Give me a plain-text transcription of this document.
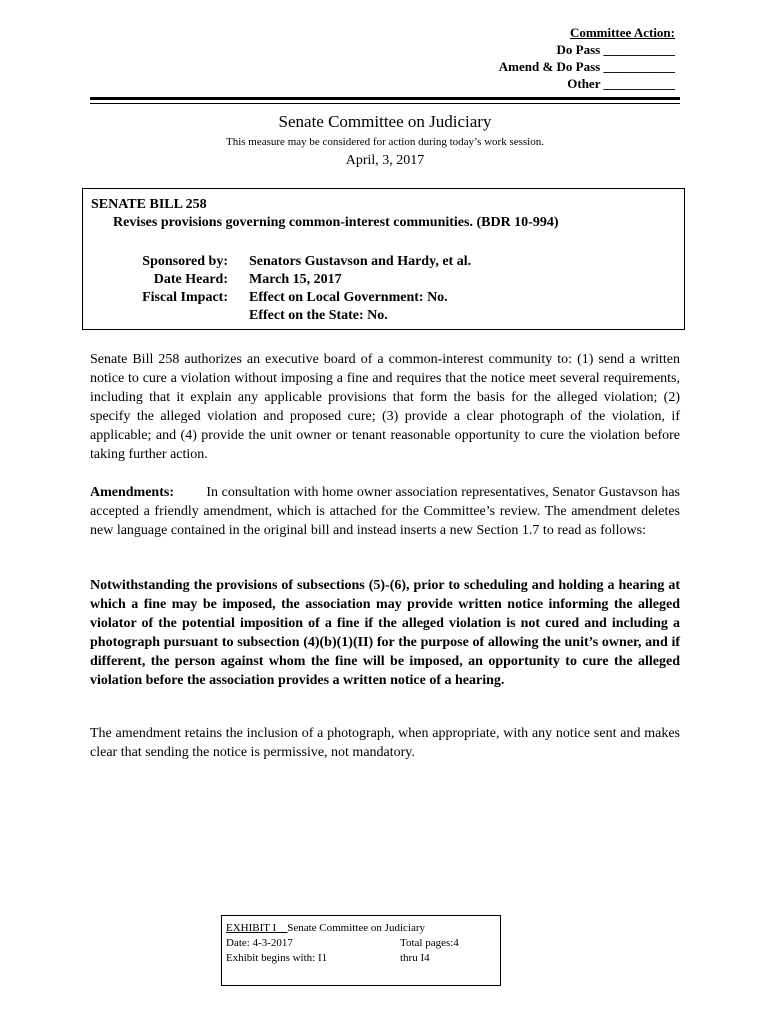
Committee Action:
Do Pass ___________
Amend & Do Pass ___________
Other ___________
Senate Committee on Judiciary
This measure may be considered for action during today’s work session.
April, 3, 2017
SENATE BILL 258
Revises provisions governing common-interest communities. (BDR 10-994)
Sponsored by:
Date Heard:
Fiscal Impact:
Senators Gustavson and Hardy, et al.
March 15, 2017
Effect on Local Government: No.
Effect on the State: No.
Senate Bill 258 authorizes an executive board of a common-interest community to: (1) send a written notice to cure a violation without imposing a fine and requires that the notice meet several requirements, including that it explain any applicable provisions that form the basis for the alleged violation; (2) specify the alleged violation and proposed cure; (3) provide a clear photograph of the violation, if applicable; and (4) provide the unit owner or tenant reasonable opportunity to cure the violation before taking further action.
Amendments: In consultation with home owner association representatives, Senator Gustavson has accepted a friendly amendment, which is attached for the Committee’s review. The amendment deletes new language contained in the original bill and instead inserts a new Section 1.7 to read as follows:
Notwithstanding the provisions of subsections (5)-(6), prior to scheduling and holding a hearing at which a fine may be imposed, the association may provide written notice informing the alleged violator of the potential imposition of a fine if the alleged violation is not cured and including a photograph pursuant to subsection (4)(b)(1)(II) for the purpose of allowing the unit’s owner, and if different, the person against whom the fine will be imposed, an opportunity to cure the alleged violation before the association provides a written notice of a hearing.
The amendment retains the inclusion of a photograph, when appropriate, with any notice sent and makes clear that sending the notice is permissive, not mandatory.
EXHIBIT I
Senate Committee on Judiciary
Date: 4-3-2017	Total pages:4
Exhibit begins with: I1	thru I4
